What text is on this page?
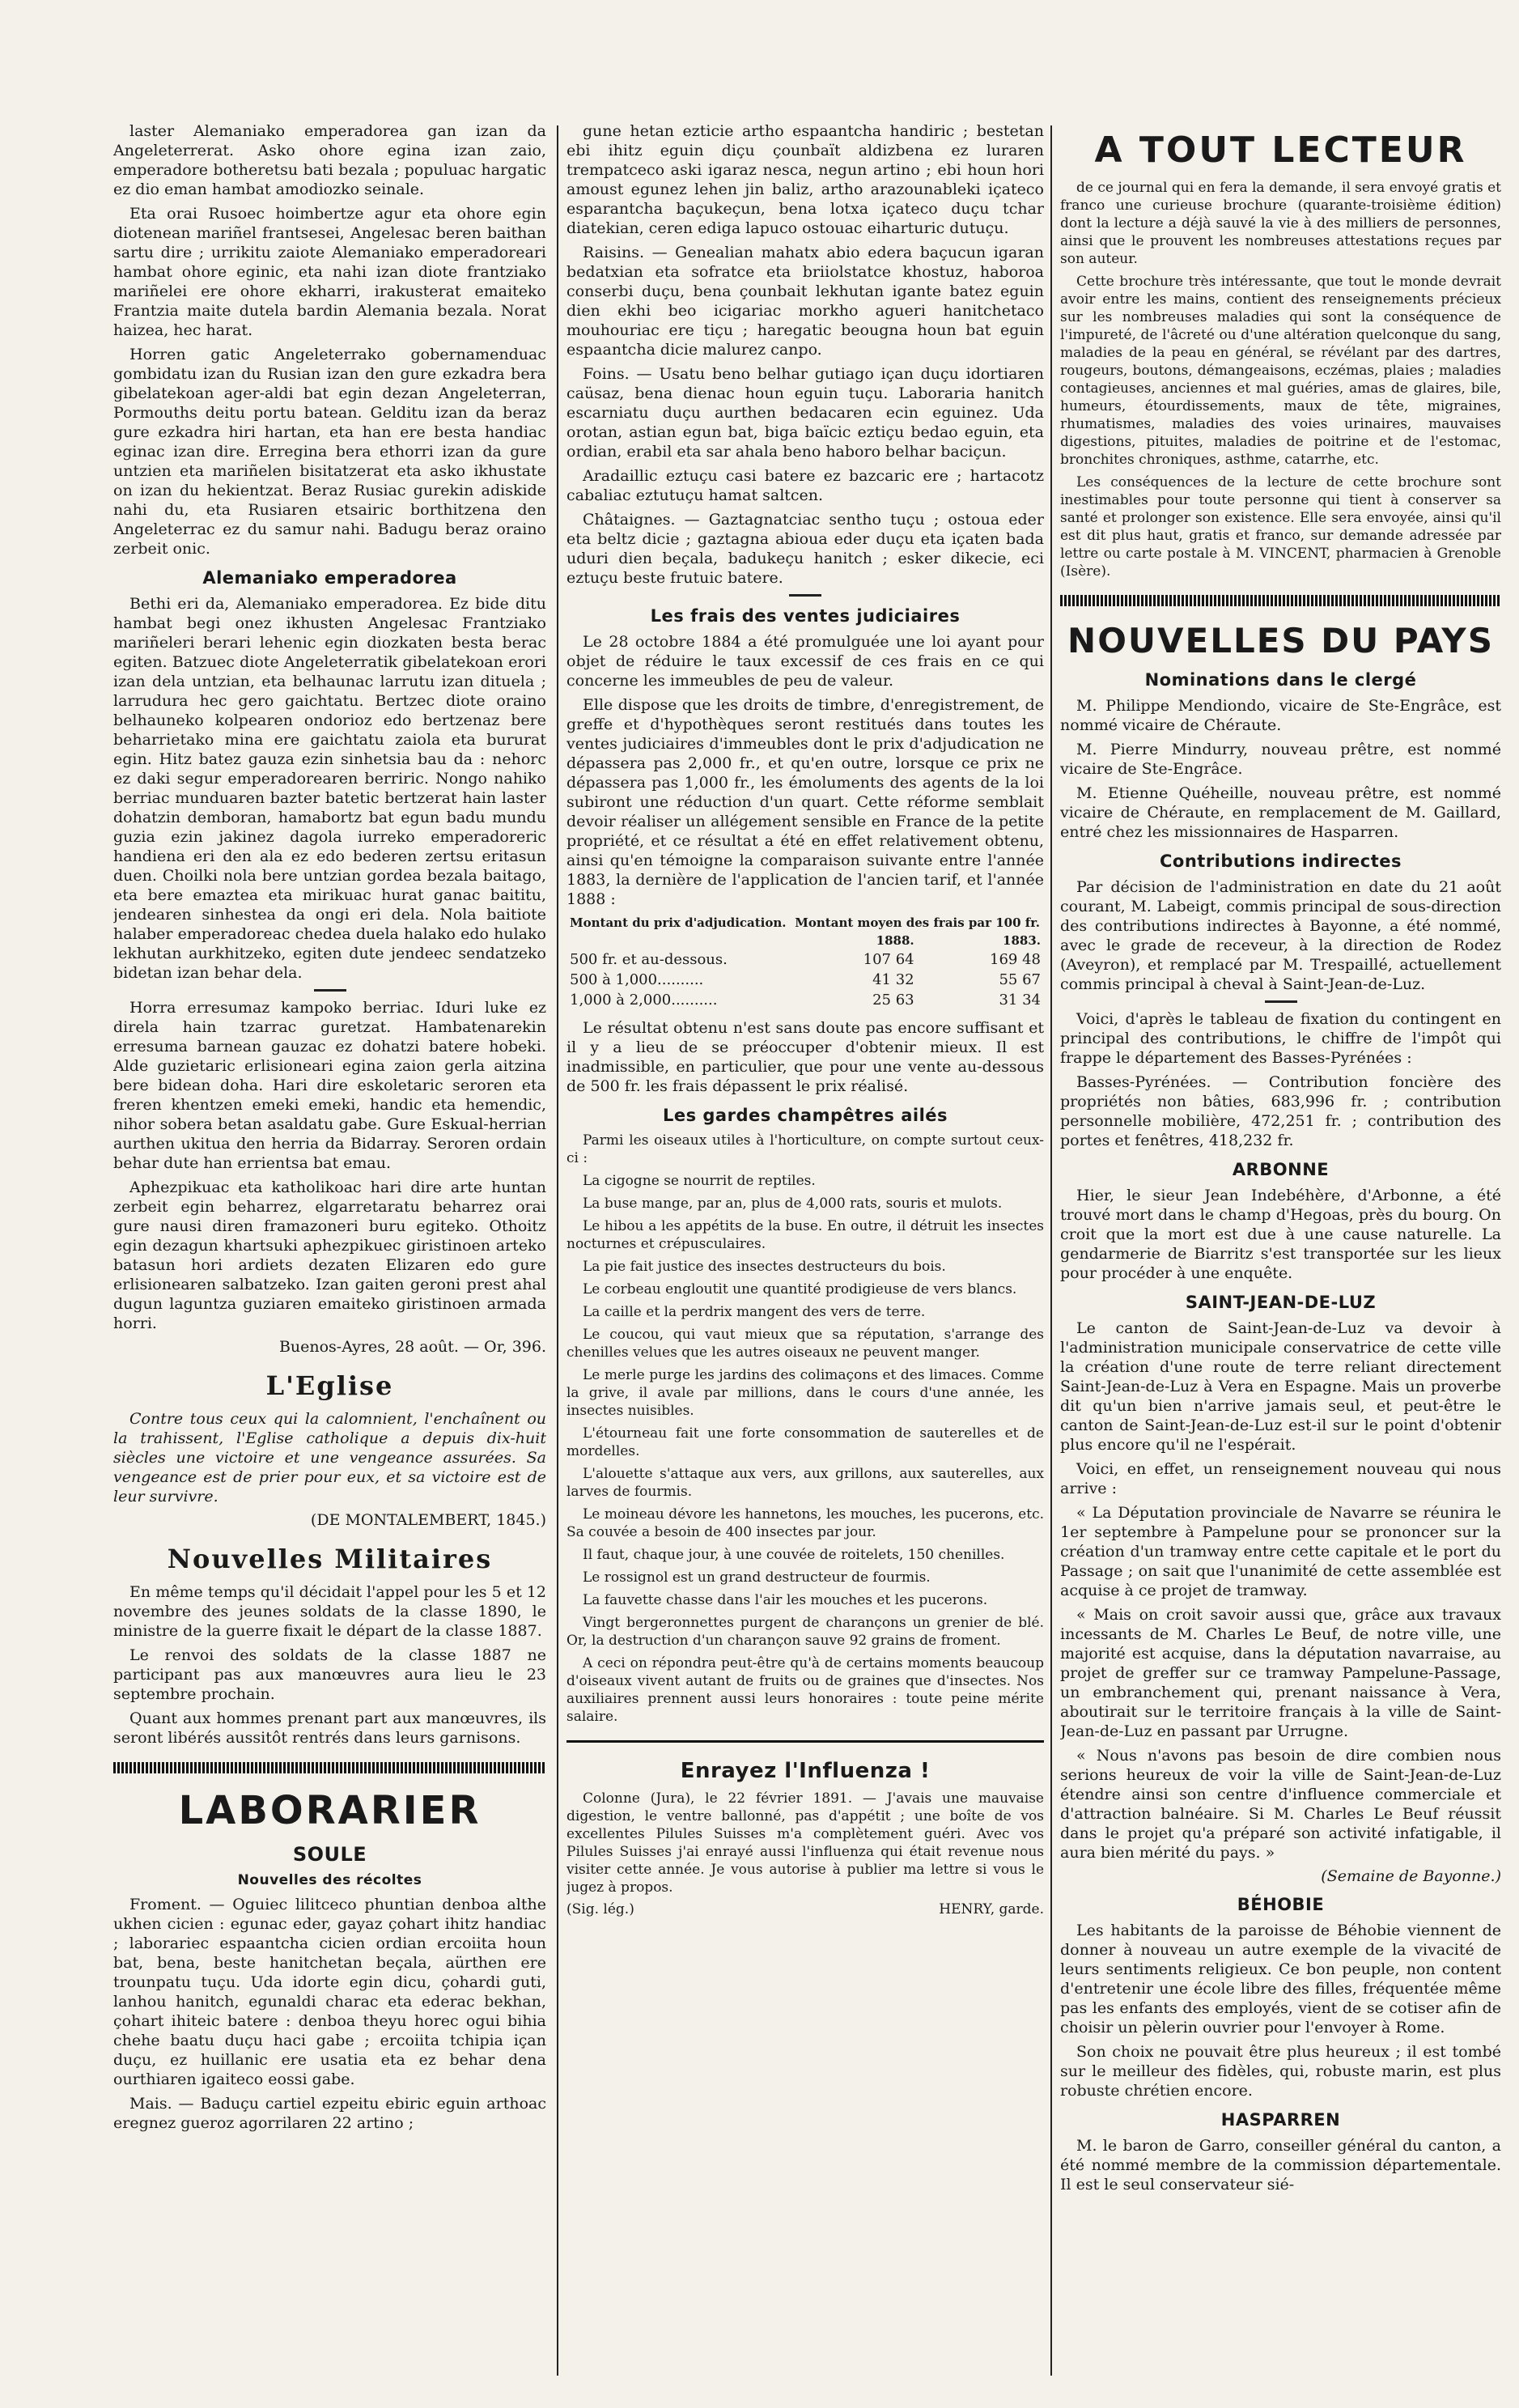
laster Alemaniako emperadorea gan izan da Angeleterrerat. Asko ohore egina izan zaio, emperadore botheretsu bati bezala ; populuac hargatic ez dio eman hambat amodiozko seinale.

Eta orai Rusoec hoimbertze agur eta ohore egin diotenean mariñel frantsesei, Angelesac beren baithan sartu dire ; urrikitu zaiote Alemaniako emperadoreari hambat ohore eginic, eta nahi izan diote frantziako mariñelei ere ohore ekharri, irakusterat emaiteko Frantzia maite dutela bardin Alemania bezala. Norat haizea, hec harat.

Horren gatic Angeleterrako gobernamenduac gombidatu izan du Rusian izan den gure ezkadra bera gibelatekoan ager-aldi bat egin dezan Angeleterran, Pormouths deitu portu batean. Gelditu izan da beraz gure ezkadra hiri hartan, eta han ere besta handiac eginac izan dire. Erregina bera ethorri izan da gure untzien eta mariñelen bisitatzerat eta asko ikhustate on izan du hekientzat. Beraz Rusiac gurekin adiskide nahi du, eta Rusiaren etsairic borthitzena den Angeleterrac ez du samur nahi. Badugu beraz oraino zerbeit onic.

Alemaniako emperadorea

Bethi eri da, Alemaniako emperadorea. Ez bide ditu hambat begi onez ikhusten Angelesac Frantziako mariñeleri berari lehenic egin diozkaten besta berac egiten. Batzuec diote Angeleterratik gibelatekoan erori izan dela untzian, eta belhaunac larrutu izan dituela ; larrudura hec gero gaichtatu. Bertzec diote oraino belhauneko kolpearen ondorioz edo bertzenaz bere beharrietako mina ere gaichtatu zaiola eta bururat egin. Hitz batez gauza ezin sinhetsia bau da : nehorc ez daki segur emperadorearen berriric. Nongo nahiko berriac munduaren bazter batetic bertzerat hain laster dohatzin demboran, hamabortz bat egun badu mundu guzia ezin jakinez dagola iurreko emperadoreric handiena eri den ala ez edo bederen zertsu eritasun duen. Choilki nola bere untzian gordea bezala baitago, eta bere emaztea eta mirikuac hurat ganac baititu, jendearen sinhestea da ongi eri dela. Nola baitiote halaber emperadoreac chedea duela halako edo hulako lekhutan aurkhitzeko, egiten dute jendeec sendatzeko bidetan izan behar dela.

Horra erresumaz kampoko berriac. Iduri luke ez direla hain tzarrac guretzat. Hambatenarekin erresuma barnean gauzac ez dohatzi batere hobeki. Alde guzietaric erlisioneari egina zaion gerla aitzina bere bidean doha. Hari dire eskoletaric seroren eta freren khentzen emeki emeki, handic eta hemendic, nihor sobera betan asaldatu gabe. Gure Eskual-herrian aurthen ukitua den herria da Bidarray. Seroren ordain behar dute han errientsa bat emau.

Aphezpikuac eta katholikoac hari dire arte huntan zerbeit egin beharrez, elgarretaratu beharrez orai gure nausi diren framazoneri buru egiteko. Othoitz egin dezagun khartsuki aphezpikuec giristinoen arteko batasun hori ardiets dezaten Elizaren edo gure erlisionearen salbatzeko. Izan gaiten geroni prest ahal dugun laguntza guziaren emaiteko giristinoen armada horri.

Buenos-Ayres, 28 août. — Or, 396.
L'Eglise

Contre tous ceux qui la calomnient, l'enchaînent ou la trahissent, l'Eglise catholique a depuis dix-huit siècles une victoire et une vengeance assurées. Sa vengeance est de prier pour eux, et sa victoire est de leur survivre.

(DE MONTALEMBERT, 1845.)
Nouvelles Militaires

En même temps qu'il décidait l'appel pour les 5 et 12 novembre des jeunes soldats de la classe 1890, le ministre de la guerre fixait le départ de la classe 1887.

Le renvoi des soldats de la classe 1887 ne participant pas aux manœuvres aura lieu le 23 septembre prochain.

Quant aux hommes prenant part aux manœuvres, ils seront libérés aussitôt rentrés dans leurs garnisons.

LABORARIER
SOULE
Nouvelles des récoltes

Froment. — Oguiec lilitceco phuntian denboa althe ukhen cicien : egunac eder, gayaz çohart ihitz handiac ; laborariec espaantcha cicien ordian ercoiita houn bat, bena, beste hanitchetan beçala, aürthen ere trounpatu tuçu. Uda idorte egin dicu, çohardi guti, lanhou hanitch, egunaldi charac eta ederac bekhan, çohart ihiteic batere : denboa theyu horec ogui bihia chehe baatu duçu haci gabe ; ercoiita tchipia içan duçu, ez huillanic ere usatia eta ez behar dena ourthiaren igaiteco eossi gabe.

Mais. — Baduçu cartiel ezpeitu ebiric eguin arthoac eregnez gueroz agorrilaren 22 artino ;

gune hetan ezticie artho espaantcha handiric ; bestetan ebi ihitz eguin diçu çounbaït aldizbena ez luraren trempatceco aski igaraz nesca, negun artino ; ebi houn hori amoust egunez lehen jin baliz, artho arazounableki içateco esparantcha baçukeçun, bena lotxa içateco duçu tchar diatekian, ceren ediga lapuco ostouac eiharturic dutuçu.

Raisins. — Genealian mahatx abio edera baçucun igaran bedatxian eta sofratce eta briiolstatce khostuz, haboroa conserbi duçu, bena çounbait lekhutan igante batez eguin dien ekhi beo icigariac morkho agueri hanitchetaco mouhouriac ere tiçu ; haregatic beougna houn bat eguin espaantcha dicie malurez canpo.

Foins. — Usatu beno belhar gutiago içan duçu idortiaren caüsaz, bena dienac houn eguin tuçu. Laboraria hanitch escarniatu duçu aurthen bedacaren ecin eguinez. Uda orotan, astian egun bat, biga baïcic eztiçu bedao eguin, eta ordian, erabil eta sar ahala beno haboro belhar baciçun.

Aradaillic eztuçu casi batere ez bazcaric ere ; hartacotz cabaliac eztutuçu hamat saltcen.

Châtaignes. — Gaztagnatciac sentho tuçu ; ostoua eder eta beltz dicie ; gaztagna abioua eder duçu eta içaten bada uduri dien beçala, badukeçu hanitch ; esker dikecie, eci eztuçu beste frutuic batere.

Les frais des ventes judiciaires

Le 28 octobre 1884 a été promulguée une loi ayant pour objet de réduire le taux excessif de ces frais en ce qui concerne les immeubles de peu de valeur.

Elle dispose que les droits de timbre, d'enregistrement, de greffe et d'hypothèques seront restitués dans toutes les ventes judiciaires d'immeubles dont le prix d'adjudication ne dépassera pas 2,000 fr., et qu'en outre, lorsque ce prix ne dépassera pas 1,000 fr., les émoluments des agents de la loi subiront une réduction d'un quart. Cette réforme semblait devoir réaliser un allégement sensible en France de la petite propriété, et ce résultat a été en effet relativement obtenu, ainsi qu'en témoigne la comparaison suivante entre l'année 1883, la dernière de l'application de l'ancien tarif, et l'année 1888 :

Montant du prix d'adjudication.	Montant moyen des frais par 100 fr.	
	1888.	1883.
500 fr. et au-dessous.	107 64	169 48
500 à 1,000..........	41 32	55 67
1,000 à 2,000..........	25 63	31 34

Le résultat obtenu n'est sans doute pas encore suffisant et il y a lieu de se préoccuper d'obtenir mieux. Il est inadmissible, en particulier, que pour une vente au-dessous de 500 fr. les frais dépassent le prix réalisé.

Les gardes champêtres ailés

Parmi les oiseaux utiles à l'horticulture, on compte surtout ceux-ci :

La cigogne se nourrit de reptiles.

La buse mange, par an, plus de 4,000 rats, souris et mulots.

Le hibou a les appétits de la buse. En outre, il détruit les insectes nocturnes et crépusculaires.

La pie fait justice des insectes destructeurs du bois.

Le corbeau engloutit une quantité prodigieuse de vers blancs.

La caille et la perdrix mangent des vers de terre.

Le coucou, qui vaut mieux que sa réputation, s'arrange des chenilles velues que les autres oiseaux ne peuvent manger.

Le merle purge les jardins des colimaçons et des limaces. Comme la grive, il avale par millions, dans le cours d'une année, les insectes nuisibles.

L'étourneau fait une forte consommation de sauterelles et de mordelles.

L'alouette s'attaque aux vers, aux grillons, aux sauterelles, aux larves de fourmis.

Le moineau dévore les hannetons, les mouches, les pucerons, etc. Sa couvée a besoin de 400 insectes par jour.

Il faut, chaque jour, à une couvée de roitelets, 150 chenilles.

Le rossignol est un grand destructeur de fourmis.

La fauvette chasse dans l'air les mouches et les pucerons.

Vingt bergeronnettes purgent de charançons un grenier de blé. Or, la destruction d'un charançon sauve 92 grains de froment.

A ceci on répondra peut-être qu'à de certains moments beaucoup d'oiseaux vivent autant de fruits ou de graines que d'insectes. Nos auxiliaires prennent aussi leurs honoraires : toute peine mérite salaire.

Enrayez l'Influenza !

Colonne (Jura), le 22 février 1891. — J'avais une mauvaise digestion, le ventre ballonné, pas d'appétit ; une boîte de vos excellentes Pilules Suisses m'a complètement guéri. Avec vos Pilules Suisses j'ai enrayé aussi l'influenza qui était revenue nous visiter cette année. Je vous autorise à publier ma lettre si vous le jugez à propos.

(Sig. lég.)	HENRY, garde.
A TOUT LECTEUR

de ce journal qui en fera la demande, il sera envoyé gratis et franco une curieuse brochure (quarante-troisième édition) dont la lecture a déjà sauvé la vie à des milliers de personnes, ainsi que le prouvent les nombreuses attestations reçues par son auteur.

Cette brochure très intéressante, que tout le monde devrait avoir entre les mains, contient des renseignements précieux sur les nombreuses maladies qui sont la conséquence de l'impureté, de l'âcreté ou d'une altération quelconque du sang, maladies de la peau en général, se révélant par des dartres, rougeurs, boutons, démangeaisons, eczémas, plaies ; maladies contagieuses, anciennes et mal guéries, amas de glaires, bile, humeurs, étourdissements, maux de tête, migraines, rhumatismes, maladies des voies urinaires, mauvaises digestions, pituites, maladies de poitrine et de l'estomac, bronchites chroniques, asthme, catarrhe, etc.

Les conséquences de la lecture de cette brochure sont inestimables pour toute personne qui tient à conserver sa santé et prolonger son existence. Elle sera envoyée, ainsi qu'il est dit plus haut, gratis et franco, sur demande adressée par lettre ou carte postale à M. VINCENT, pharmacien à Grenoble (Isère).

NOUVELLES DU PAYS
Nominations dans le clergé

M. Philippe Mendiondo, vicaire de Ste-Engrâce, est nommé vicaire de Chéraute.

M. Pierre Mindurry, nouveau prêtre, est nommé vicaire de Ste-Engrâce.

M. Etienne Quéheille, nouveau prêtre, est nommé vicaire de Chéraute, en remplacement de M. Gaillard, entré chez les missionnaires de Hasparren.

Contributions indirectes

Par décision de l'administration en date du 21 août courant, M. Labeigt, commis principal de sous-direction des contributions indirectes à Bayonne, a été nommé, avec le grade de receveur, à la direction de Rodez (Aveyron), et remplacé par M. Trespaillé, actuellement commis principal à cheval à Saint-Jean-de-Luz.

Voici, d'après le tableau de fixation du contingent en principal des contributions, le chiffre de l'impôt qui frappe le département des Basses-Pyrénées :

Basses-Pyrénées. — Contribution foncière des propriétés non bâties, 683,996 fr. ; contribution personnelle mobilière, 472,251 fr. ; contribution des portes et fenêtres, 418,232 fr.

ARBONNE

Hier, le sieur Jean Indebéhère, d'Arbonne, a été trouvé mort dans le champ d'Hegoas, près du bourg. On croit que la mort est due à une cause naturelle. La gendarmerie de Biarritz s'est transportée sur les lieux pour procéder à une enquête.

SAINT-JEAN-DE-LUZ

Le canton de Saint-Jean-de-Luz va devoir à l'administration municipale conservatrice de cette ville la création d'une route de terre reliant directement Saint-Jean-de-Luz à Vera en Espagne. Mais un proverbe dit qu'un bien n'arrive jamais seul, et peut-être le canton de Saint-Jean-de-Luz est-il sur le point d'obtenir plus encore qu'il ne l'espérait.

Voici, en effet, un renseignement nouveau qui nous arrive :

« La Députation provinciale de Navarre se réunira le 1er septembre à Pampelune pour se prononcer sur la création d'un tramway entre cette capitale et le port du Passage ; on sait que l'unanimité de cette assemblée est acquise à ce projet de tramway.

« Mais on croit savoir aussi que, grâce aux travaux incessants de M. Charles Le Beuf, de notre ville, une majorité est acquise, dans la députation navarraise, au projet de greffer sur ce tramway Pampelune-Passage, un embranchement qui, prenant naissance à Vera, aboutirait sur le territoire français à la ville de Saint-Jean-de-Luz en passant par Urrugne.

« Nous n'avons pas besoin de dire combien nous serions heureux de voir la ville de Saint-Jean-de-Luz étendre ainsi son centre d'influence commerciale et d'attraction balnéaire. Si M. Charles Le Beuf réussit dans le projet qu'a préparé son activité infatigable, il aura bien mérité du pays. »

(Semaine de Bayonne.)
BÉHOBIE

Les habitants de la paroisse de Béhobie viennent de donner à nouveau un autre exemple de la vivacité de leurs sentiments religieux. Ce bon peuple, non content d'entretenir une école libre des filles, fréquentée même pas les enfants des employés, vient de se cotiser afin de choisir un pèlerin ouvrier pour l'envoyer à Rome.

Son choix ne pouvait être plus heureux ; il est tombé sur le meilleur des fidèles, qui, robuste marin, est plus robuste chrétien encore.

HASPARREN

M. le baron de Garro, conseiller général du canton, a été nommé membre de la commission départementale. Il est le seul conservateur sié-
